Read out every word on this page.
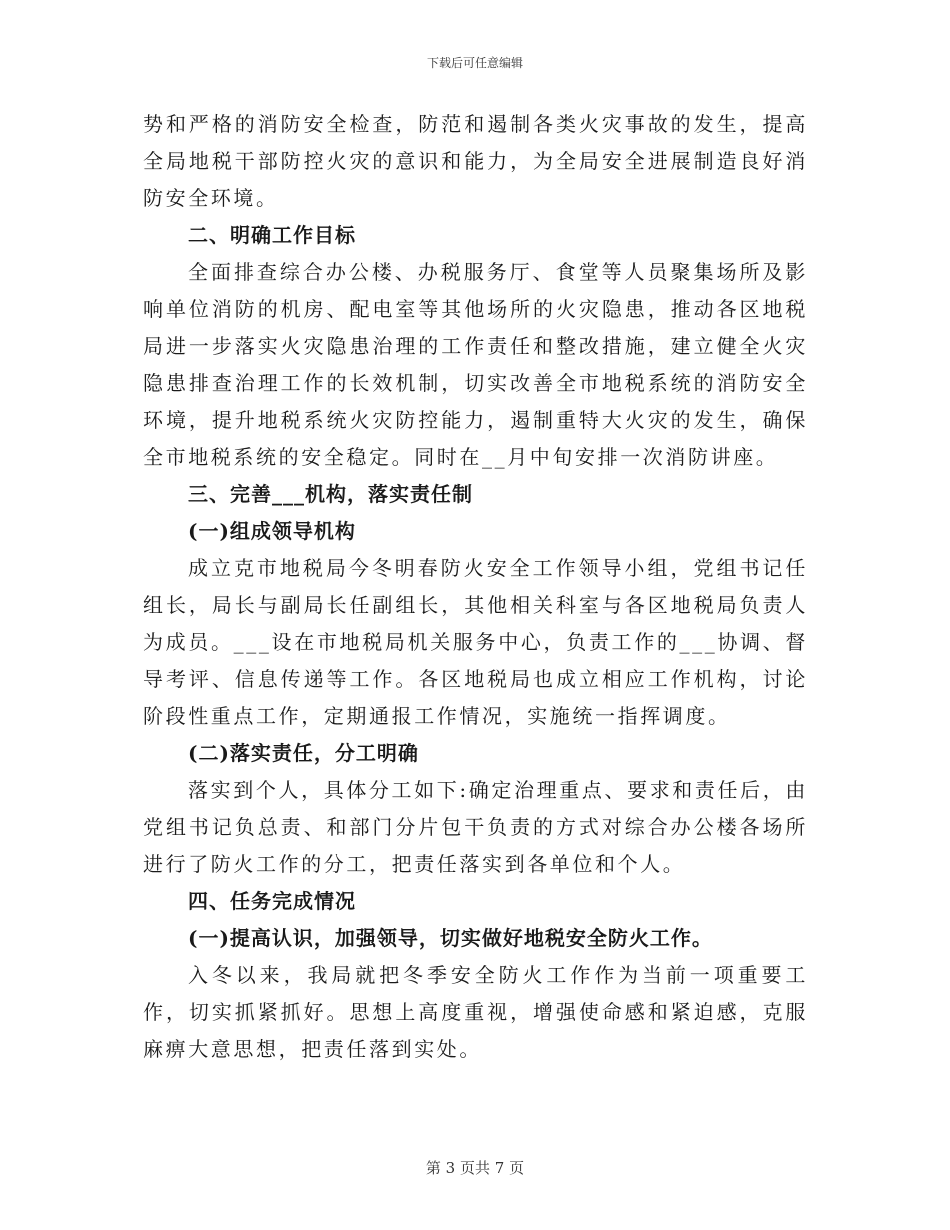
下载后可任意编辑

势和严格的消防安全检查，防范和遏制各类火灾事故的发生，提高全局地税干部防控火灾的意识和能力，为全局安全进展制造良好消防安全环境。

二、明确工作目标

全面排查综合办公楼、办税服务厅、食堂等人员聚集场所及影响单位消防的机房、配电室等其他场所的火灾隐患，推动各区地税局进一步落实火灾隐患治理的工作责任和整改措施，建立健全火灾隐患排查治理工作的长效机制，切实改善全市地税系统的消防安全环境，提升地税系统火灾防控能力，遏制重特大火灾的发生，确保全市地税系统的安全稳定。同时在__月中旬安排一次消防讲座。

三、完善___机构，落实责任制

(一)组成领导机构

成立克市地税局今冬明春防火安全工作领导小组，党组书记任组长，局长与副局长任副组长，其他相关科室与各区地税局负责人为成员。___设在市地税局机关服务中心，负责工作的___协调、督导考评、信息传递等工作。各区地税局也成立相应工作机构，讨论阶段性重点工作，定期通报工作情况，实施统一指挥调度。

(二)落实责任，分工明确

落实到个人，具体分工如下:确定治理重点、要求和责任后，由党组书记负总责、和部门分片包干负责的方式对综合办公楼各场所进行了防火工作的分工，把责任落实到各单位和个人。

四、任务完成情况

(一)提高认识，加强领导，切实做好地税安全防火工作。

入冬以来，我局就把冬季安全防火工作作为当前一项重要工作，切实抓紧抓好。思想上高度重视，增强使命感和紧迫感，克服麻痹大意思想，把责任落到实处。

第 3 页共 7 页
